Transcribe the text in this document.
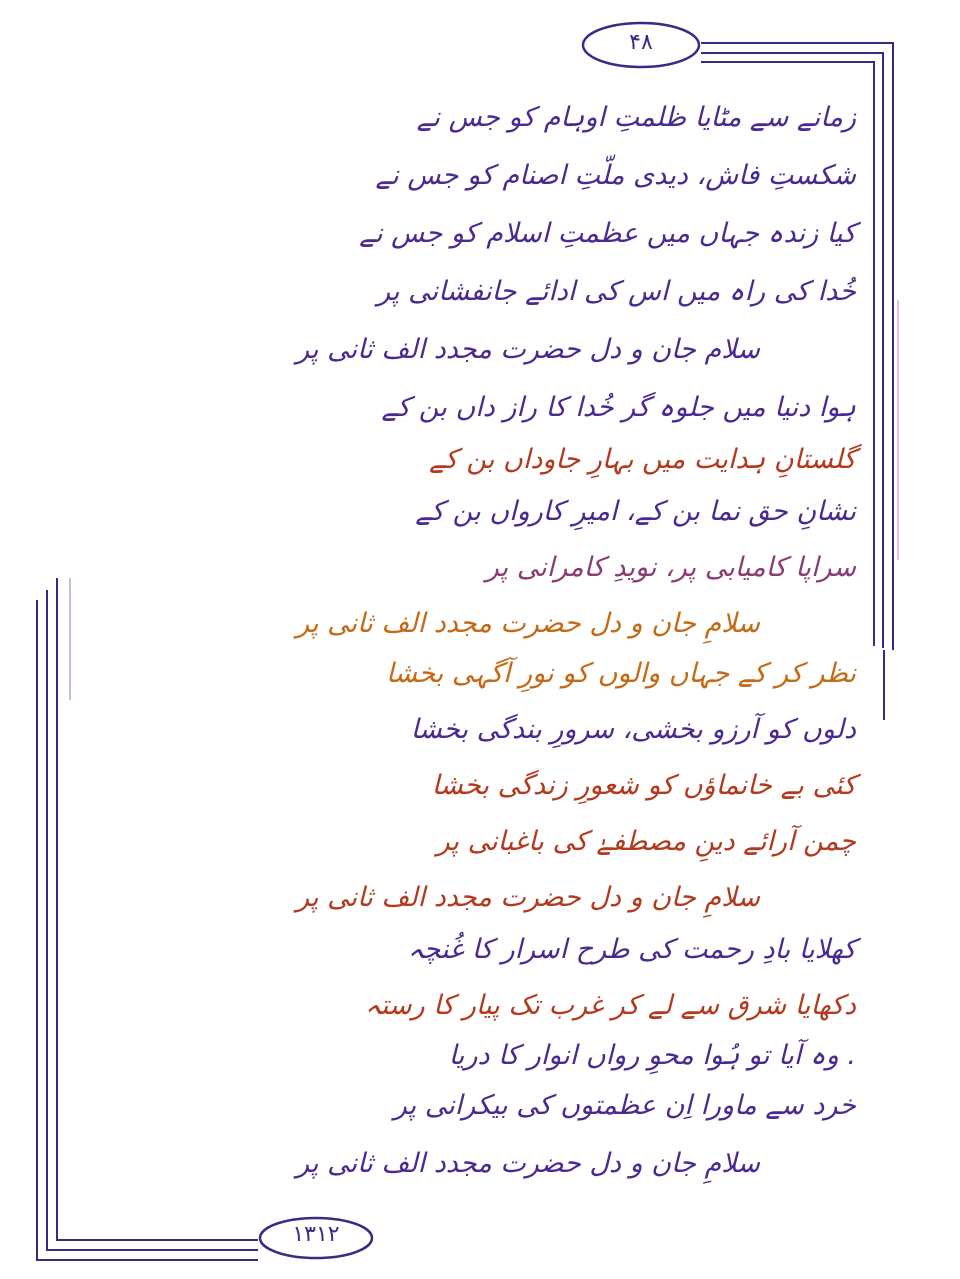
۴۸
۱۳۱۲
زمانے سے مٹایا ظلمتِ اوہام کو جس نے
شکستِ فاش، دیدی ملّتِ اصنام کو جس نے
کیا زندہ جہاں میں عظمتِ اسلام کو جس نے
خُدا کی راہ میں اس کی ادائے جانفشانی پر
سلام جان و دل حضرت مجدد الف ثانی پر
ہوا دنیا میں جلوہ گر خُدا کا راز داں بن کے
گلستانِ ہدایت میں بہارِ جاوداں بن کے
نشانِ حق نما بن کے، امیرِ کارواں بن کے
سراپا کامیابی پر، نویدِ کامرانی پر
سلامِ جان و دل حضرت مجدد الف ثانی پر
نظر کر کے جہاں والوں کو نورِ آگہی بخشا
دلوں کو آرزو بخشی، سرورِ بندگی بخشا
کئی بے خانماؤں کو شعورِ زندگی بخشا
چمن آرائے دینِ مصطفےٰ کی باغبانی پر
سلامِ جان و دل حضرت مجدد الف ثانی پر
کھلایا بادِ رحمت کی طرح اسرار کا غُنچہ
دکھایا شرق سے لے کر غرب تک پیار کا رستہ
. وہ آیا تو ہُوا محوِ رواں انوار کا دریا
خرد سے ماورا اِن عظمتوں کی بیکرانی پر
سلامِ جان و دل حضرت مجدد الف ثانی پر
